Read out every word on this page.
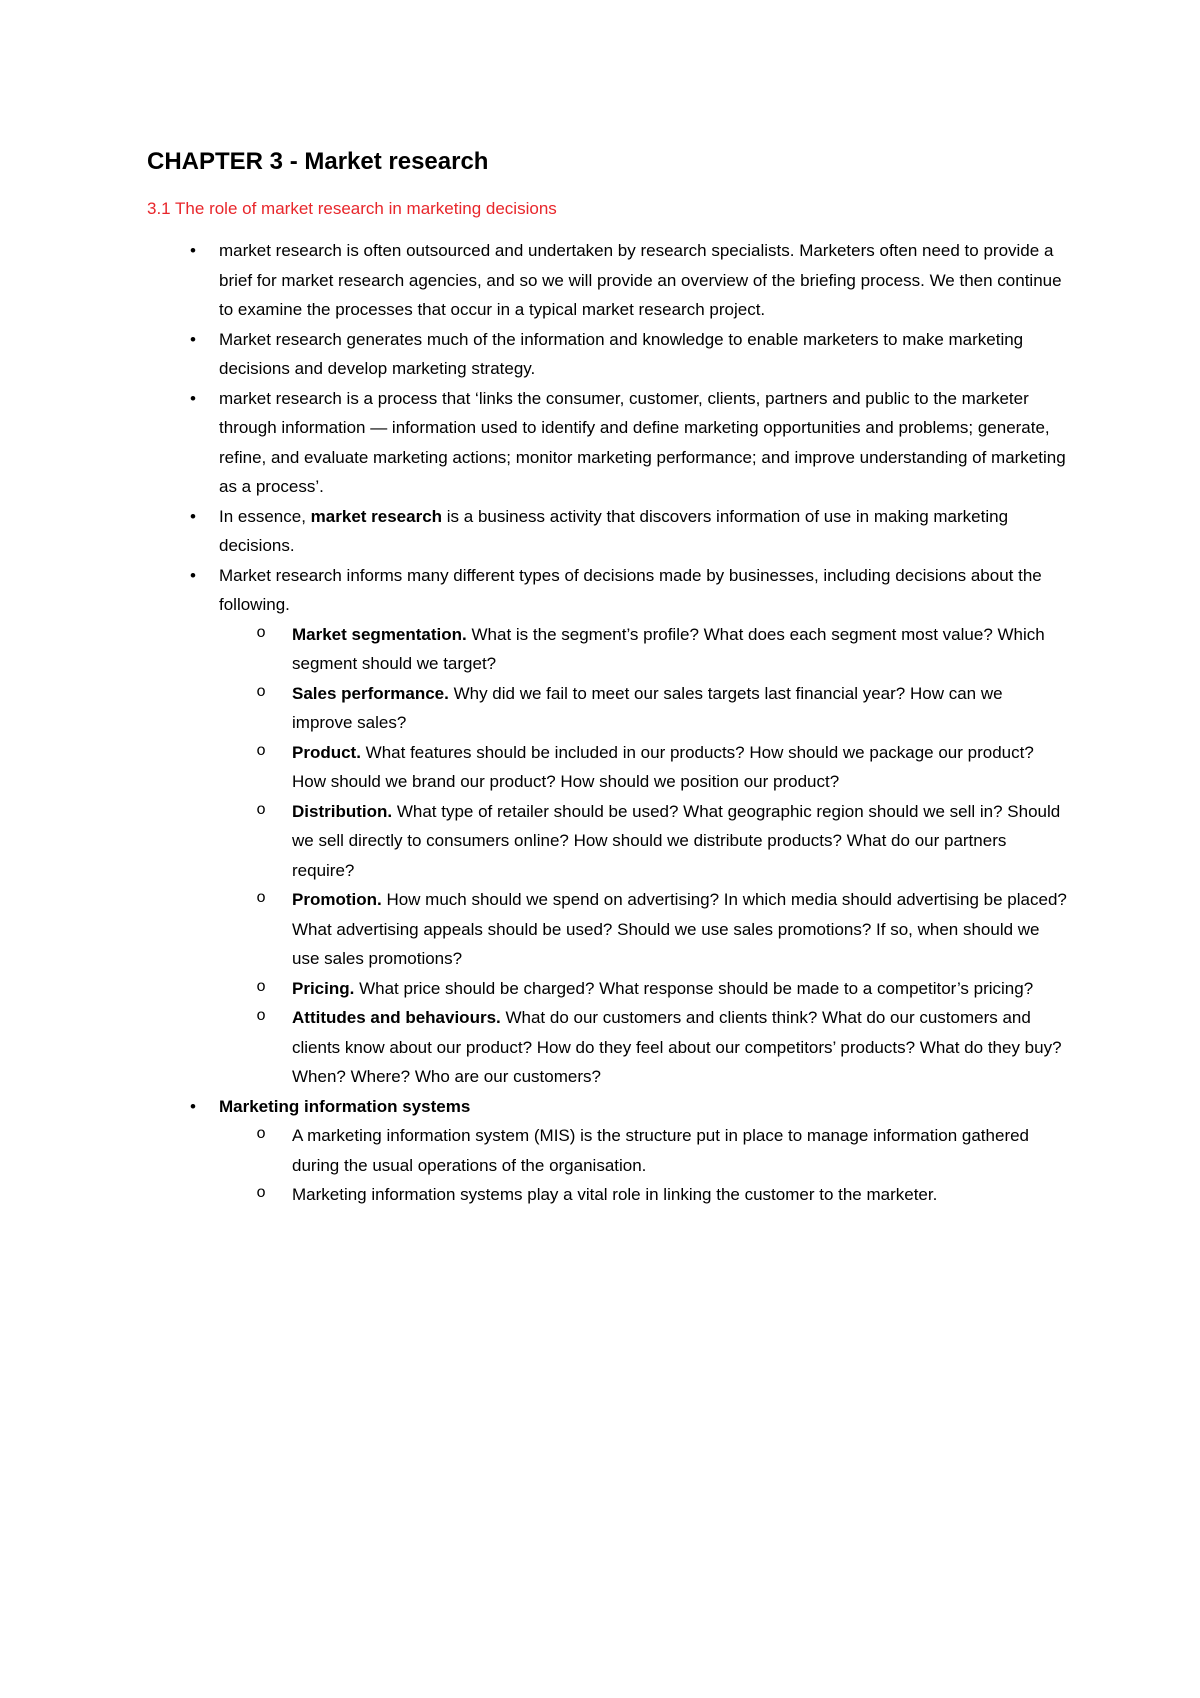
CHAPTER 3 - Market research
3.1 The role of market research in marketing decisions
• market research is often outsourced and undertaken by research specialists. Marketers often need to provide a brief for market research agencies, and so we will provide an overview of the briefing process. We then continue to examine the processes that occur in a typical market research project.
• Market research generates much of the information and knowledge to enable marketers to make marketing decisions and develop marketing strategy.
• market research is a process that ‘links the consumer, customer, clients, partners and public to the marketer through information — information used to identify and define marketing opportunities and problems; generate, refine, and evaluate marketing actions; monitor marketing performance; and improve understanding of marketing as a process’.
• In essence, market research is a business activity that discovers information of use in making marketing decisions.
• Market research informs many different types of decisions made by businesses, including decisions about the following.
o Market segmentation. What is the segment’s profile? What does each segment most value? Which segment should we target?
o Sales performance. Why did we fail to meet our sales targets last financial year? How can we improve sales?
o Product. What features should be included in our products? How should we package our product? How should we brand our product? How should we position our product?
o Distribution. What type of retailer should be used? What geographic region should we sell in? Should we sell directly to consumers online? How should we distribute products? What do our partners require?
o Promotion. How much should we spend on advertising? In which media should advertising be placed? What advertising appeals should be used? Should we use sales promotions? If so, when should we use sales promotions?
o Pricing. What price should be charged? What response should be made to a competitor’s pricing?
o Attitudes and behaviours. What do our customers and clients think? What do our customers and clients know about our product? How do they feel about our competitors’ products? What do they buy? When? Where? Who are our customers?
• Marketing information systems
o A marketing information system (MIS) is the structure put in place to manage information gathered during the usual operations of the organisation.
o Marketing information systems play a vital role in linking the customer to the marketer.
